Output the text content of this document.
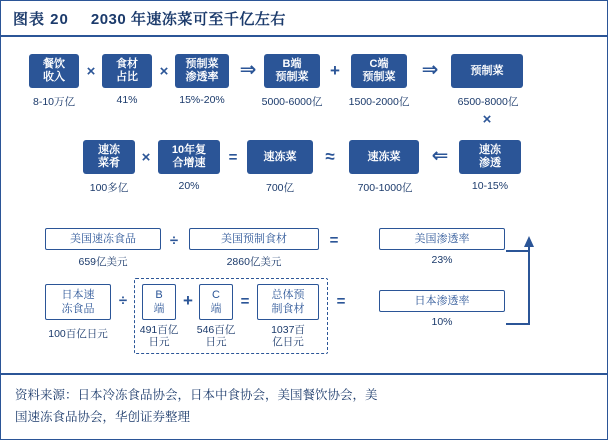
图表 20 2030 年速冻菜可至千亿左右
餐饮
收入
8-10万亿
×	食材
占比
41%
×	预制菜
渗透率
15%-20%
⇒	B端
预制菜
5000-6000亿
+	C端
预制菜
1500-2000亿
⇒	预制菜
6500-8000亿
×
速冻
菜肴
100多亿
×	10年复
合增速
20%
=	速冻菜
700亿
≈	速冻菜
700-1000亿
⇐	速冻
渗透
10-15%
美国速冻食品
659亿美元
÷	美国预制食材
2860亿美元
=	美国渗透率
23%
日本速
冻食品
100百亿日元
÷	B
端
491百亿
日元
+ C
端
546百亿
日元
=	总体预
制食材
1037百
亿日元
=	日本渗透率
10%
资料来源：日本冷冻食品协会，日本中食协会，美国餐饮协会，美
国速冻食品协会，华创证券整理
